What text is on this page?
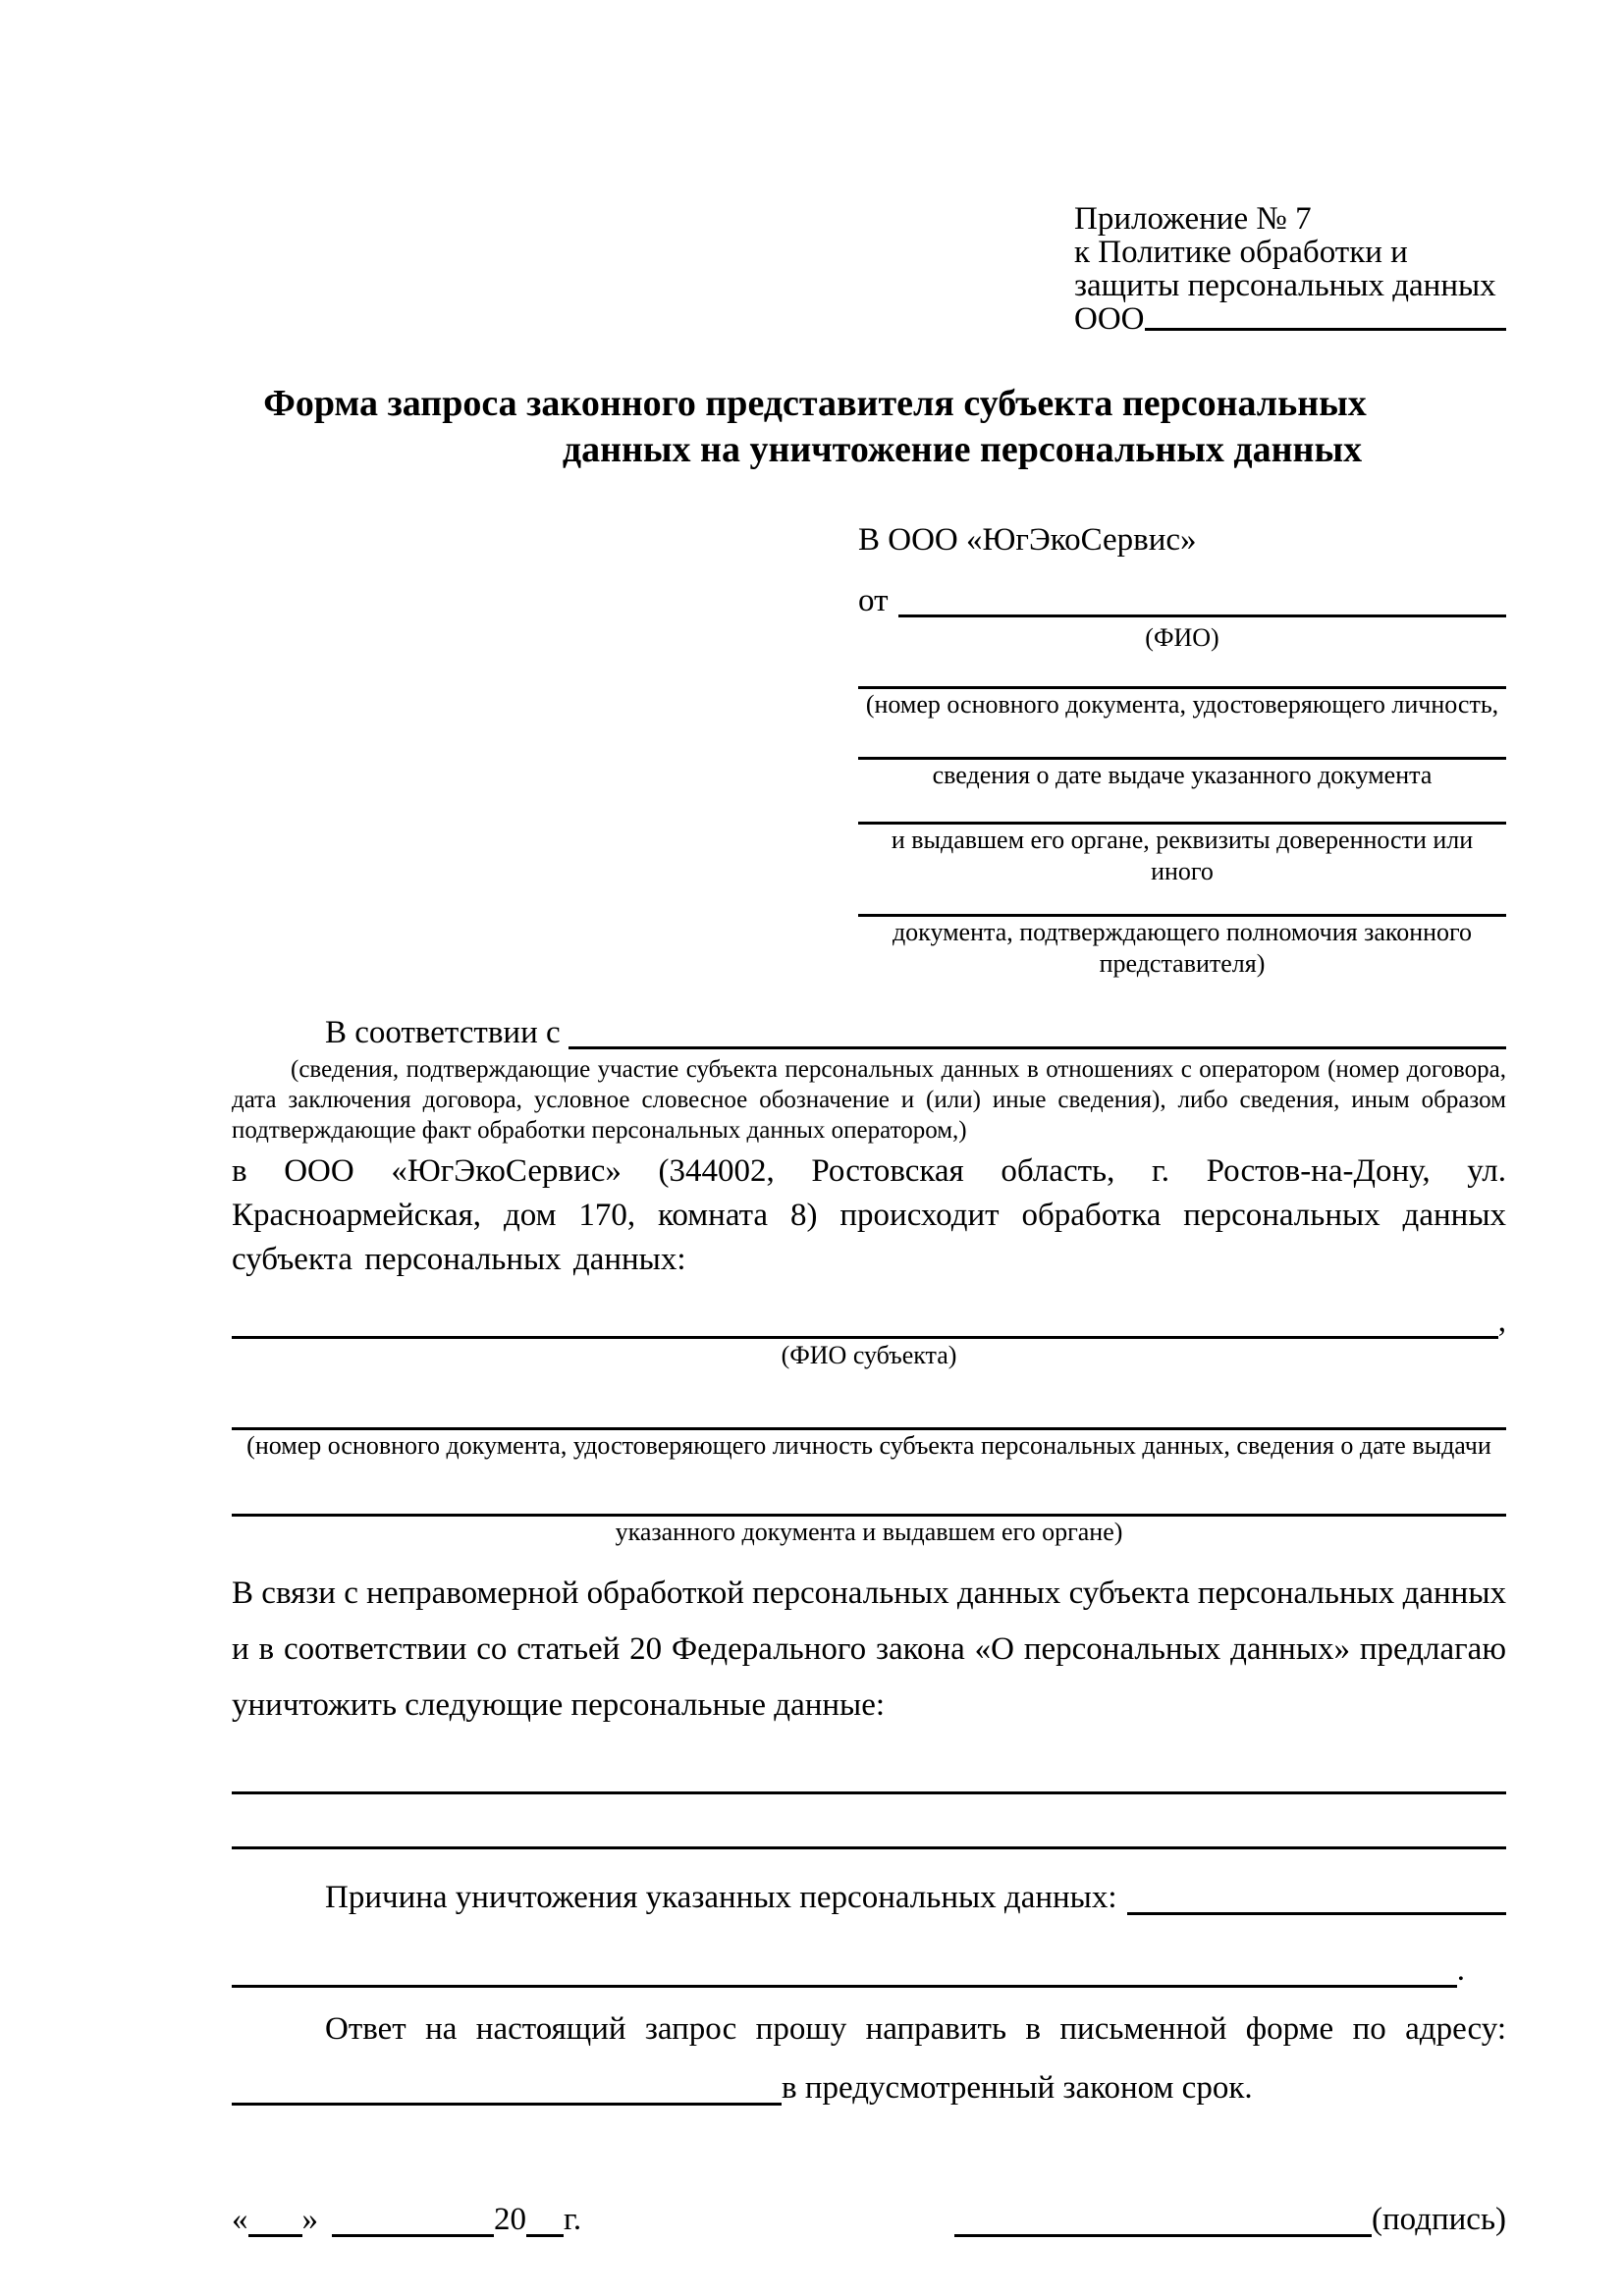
Приложение № 7
к Политике обработки и
защиты персональных данных
ООО
Форма запроса законного представителя субъекта персональных
данных на уничтожение персональных данных
В ООО «ЮгЭкоСервис»
от
(ФИО)
(номер основного документа, удостоверяющего личность,
сведения о дате выдаче указанного документа
и выдавшем его органе, реквизиты доверенности или иного
документа, подтверждающего полномочия законного представителя)
В соответствии с
(сведения, подтверждающие участие субъекта персональных данных в отношениях с оператором (номер договора, дата заключения договора, условное словесное обозначение и (или) иные сведения), либо сведения, иным образом подтверждающие факт обработки персональных данных оператором,)
в ООО «ЮгЭкоСервис» (344002, Ростовская область, г. Ростов-на-Дону, ул. Красноармейская, дом 170, комната 8) происходит обработка персональных данных субъекта персональных данных:
,
(ФИО субъекта)
(номер основного документа, удостоверяющего личность субъекта персональных данных, сведения о дате выдачи
указанного документа и выдавшем его органе)
В связи с неправомерной обработкой персональных данных субъекта персональных данных и в соответствии со статьей 20 Федерального закона «О персональных данных» предлагаю уничтожить следующие персональные данные:
Причина уничтожения указанных персональных данных:
.
Ответ на настоящий запрос прошу направить в письменной форме по адресу:
в предусмотренный законом срок.
« »	20 г.	(подпись)
